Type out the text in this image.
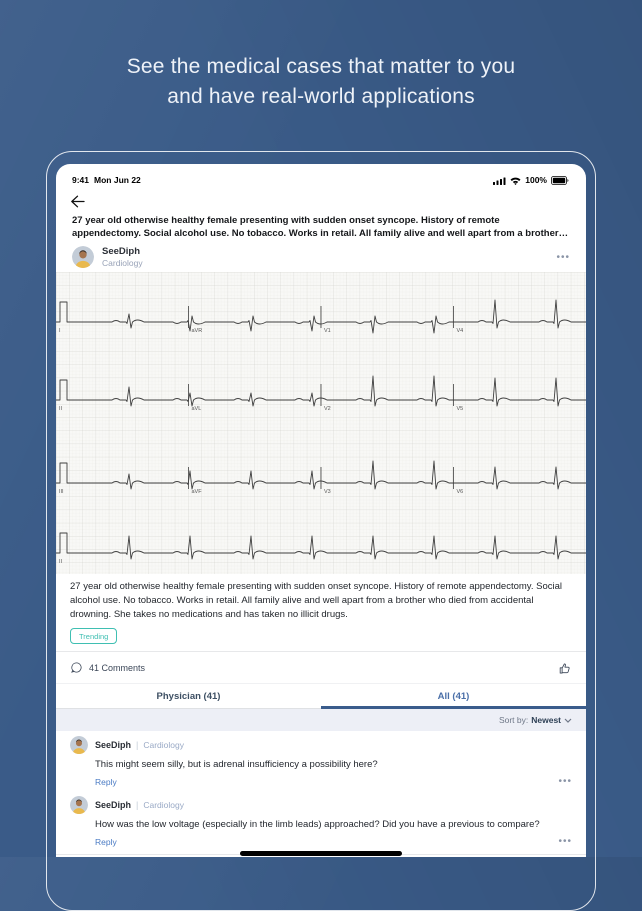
See the medical cases that matter to you
and have real-world applications
9:41 Mon Jun 22	100%
27 year old otherwise healthy female presenting with sudden onset syncope. History of remote appendectomy. Social alcohol use. No tobacco. Works in retail. All family alive and well apart from a brother
SeeDiph
Cardiology
•••
I	aVR	V1	V4
II	aVL	V2	V5
III	aVF	V3	V6
II
27 year old otherwise healthy female presenting with sudden onset syncope. History of remote appendectomy. Social alcohol use. No tobacco. Works in retail. All family alive and well apart from a brother who died from accidental drowning. She takes no medications and has taken no illicit drugs.
Trending
41 Comments
Physician (41)	All (41)
Sort by: Newest
SeeDiph | Cardiology
This might seem silly, but is adrenal insufficiency a possibility here?
Reply	•••
SeeDiph | Cardiology
How was the low voltage (especially in the limb leads) approached? Did you have a previous to compare?
Reply	•••
